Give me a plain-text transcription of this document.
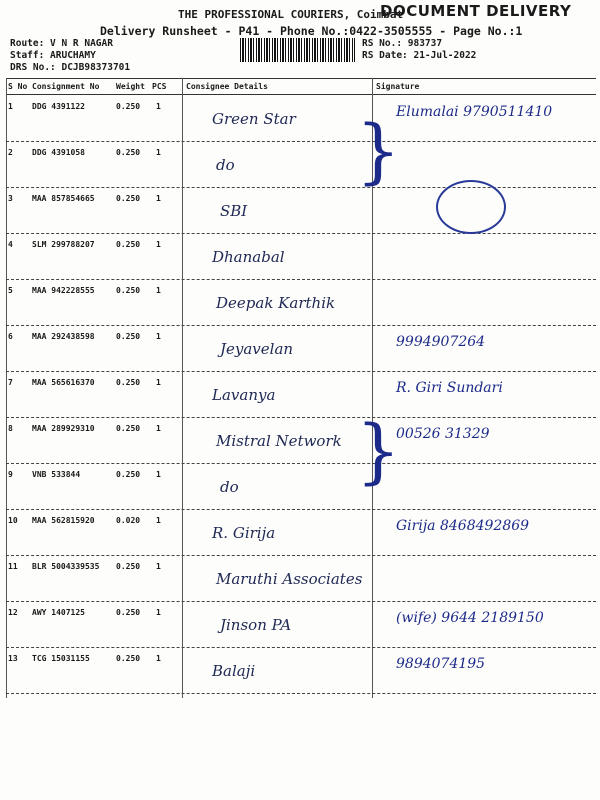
THE PROFESSIONAL COURIERS, Coimbat
DOCUMENT DELIVERY
Delivery Runsheet - P41 - Phone No.:0422-3505555 - Page No.:1
Route: V N R NAGAR
Staff: ARUCHAMY
DRS No.: DCJB98373701
RS No.: 983737
RS Date: 21-Jul-2022
S No Consignment No Weight PCS Consignee Details	Signature
1 DDG 4391122	0.250 1
Green Star	Elumalai 9790511410
2 DDG 4391058	0.250 1
do
3 MAA 857854665	0.250 1
SBI
4 SLM 299788207	0.250 1
Dhanabal
5 MAA 942228555	0.250 1
Deepak Karthik
6 MAA 292438598	0.250 1
Jeyavelan	9994907264
7 MAA 565616370	0.250 1
Lavanya	R. Giri Sundari
8 MAA 289929310	0.250 1
Mistral Network	00526 31329
9 VNB 533844	0.250 1
do
10 MAA 562815920	0.020 1
R. Girija	Girija 8468492869
11 BLR 5004339535 0.250 1
Maruthi Associates
12 AWY 1407125	0.250 1
Jinson PA	(wife) 9644 2189150
13 TCG 15031155	0.250 1
Balaji	9894074195
}
}
